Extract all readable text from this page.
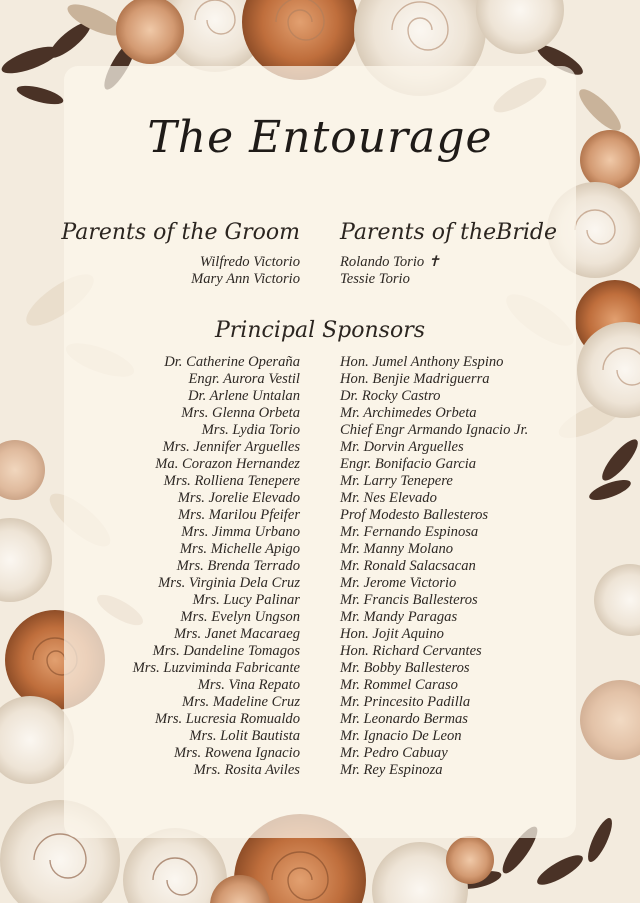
The Entourage
Parents of the Groom Parents of theBride
Wilfredo Victorio
Mary Ann Victorio
Rolando Torio ✝
Tessie Torio
Principal Sponsors
Dr. Catherine Operaña
Engr. Aurora Vestil
Dr. Arlene Untalan
Mrs. Glenna Orbeta
Mrs. Lydia Torio
Mrs. Jennifer Arguelles
Ma. Corazon Hernandez
Mrs. Rolliena Tenepere
Mrs. Jorelie Elevado
Mrs. Marilou Pfeifer
Mrs. Jimma Urbano
Mrs. Michelle Apigo
Mrs. Brenda Terrado
Mrs. Virginia Dela Cruz
Mrs. Lucy Palinar
Mrs. Evelyn Ungson
Mrs. Janet Macaraeg
Mrs. Dandeline Tomagos
Mrs. Luzviminda Fabricante
Mrs. Vina Repato
Mrs. Madeline Cruz
Mrs. Lucresia Romualdo
Mrs. Lolit Bautista
Mrs. Rowena Ignacio
Mrs. Rosita Aviles
Hon. Jumel Anthony Espino
Hon. Benjie Madriguerra
Dr. Rocky Castro
Mr. Archimedes Orbeta
Chief Engr Armando Ignacio Jr.
Mr. Dorvin Arguelles
Engr. Bonifacio Garcia
Mr. Larry Tenepere
Mr. Nes Elevado
Prof Modesto Ballesteros
Mr. Fernando Espinosa
Mr. Manny Molano
Mr. Ronald Salacsacan
Mr. Jerome Victorio
Mr. Francis Ballesteros
Mr. Mandy Paragas
Hon. Jojit Aquino
Hon. Richard Cervantes
Mr. Bobby Ballesteros
Mr. Rommel Caraso
Mr. Princesito Padilla
Mr. Leonardo Bermas
Mr. Ignacio De Leon
Mr. Pedro Cabuay
Mr. Rey Espinoza
